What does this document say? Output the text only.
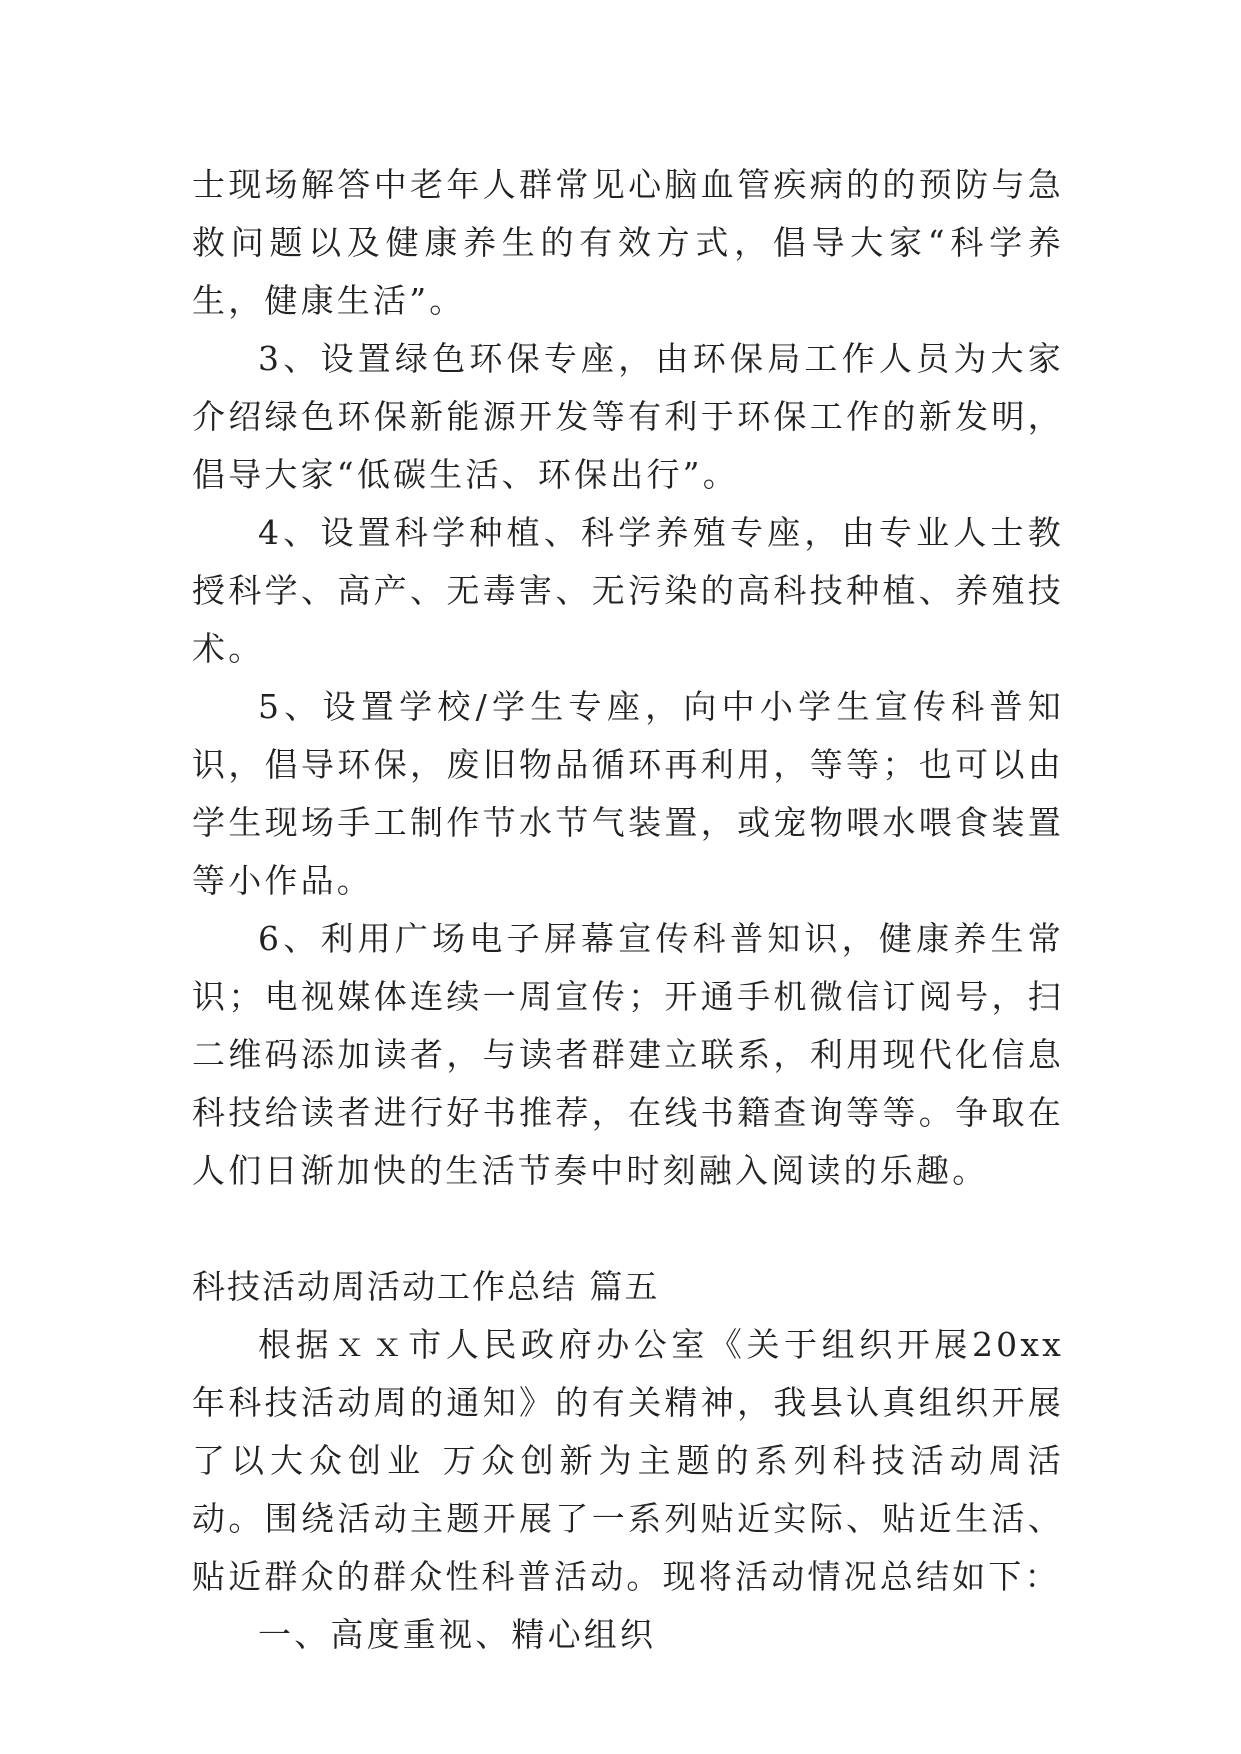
士现场解答中老年人群常见心脑血管疾病的的预防与急救问题以及健康养生的有效方式，倡导大家“科学养生，健康生活”。

3、设置绿色环保专座，由环保局工作人员为大家介绍绿色环保新能源开发等有利于环保工作的新发明，倡导大家“低碳生活、环保出行”。

4、设置科学种植、科学养殖专座，由专业人士教授科学、高产、无毒害、无污染的高科技种植、养殖技术。

5、设置学校/学生专座，向中小学生宣传科普知识，倡导环保，废旧物品循环再利用，等等；也可以由学生现场手工制作节水节气装置，或宠物喂水喂食装置等小作品。

6、利用广场电子屏幕宣传科普知识，健康养生常识；电视媒体连续一周宣传；开通手机微信订阅号，扫二维码添加读者，与读者群建立联系，利用现代化信息科技给读者进行好书推荐，在线书籍查询等等。争取在人们日渐加快的生活节奏中时刻融入阅读的乐趣。

科技活动周活动工作总结 篇五

根据ｘｘ市人民政府办公室《关于组织开展20xx年科技活动周的通知》的有关精神，我县认真组织开展了以大众创业 万众创新为主题的系列科技活动周活动。围绕活动主题开展了一系列贴近实际、贴近生活、贴近群众的群众性科普活动。现将活动情况总结如下：

一、高度重视、精心组织
